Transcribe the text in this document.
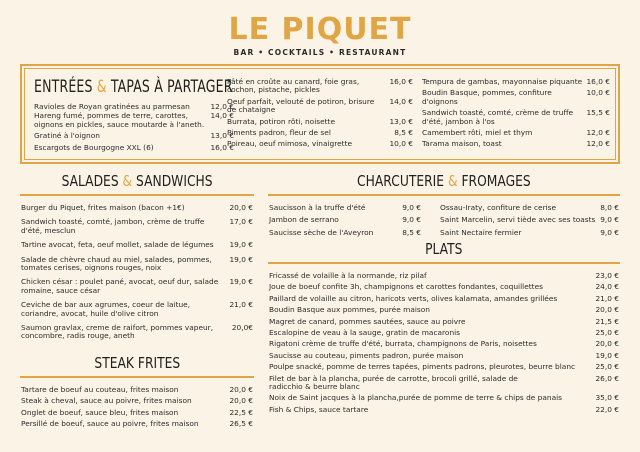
LE PIQUET
BAR • COCKTAILS • RESTAURANT
ENTRÉES & TAPAS À PARTAGER
Ravioles de Royan gratinées au parmesan	12,0 €
Hareng fumé, pommes de terre, carottes, oignons en pickles, sauce moutarde à l'aneth.
14,0 €
Gratiné à l'oignon	13,0 €
Escargots de Bourgogne XXL (6)	16,0 €
Pâté en croûte au canard, foie gras, cochon, pistache, pickles
16,0 €
Oeuf parfait, velouté de potiron, brisure de chataigne
14,0 €
Burrata, potiron rôti, noisette	13,0 €
Piments padron, fleur de sel	8,5 €
Poireau, oeuf mimosa, vinaigrette	10,0 €
Tempura de gambas, mayonnaise piquante 16,0 €
Boudin Basque, pommes, confiture d'oignons
10,0 €
Sandwich toasté, comté, crème de truffe d'été, jambon à l'os
15,5 €
Camembert rôti, miel et thym	12,0 €
Tarama maison, toast	12,0 €
SALADES & SANDWICHS
Burger du Piquet, frites maison (bacon +1€)	20,0 €
Sandwich toasté, comté, jambon, crème de truffe d'été, mesclun
17,0 €
Tartine avocat, feta, oeuf mollet, salade de légumes	19,0 €
Salade de chèvre chaud au miel, salades, pommes, tomates cerises, oignons rouges, noix
19,0 €
Chicken césar : poulet pané, avocat, oeuf dur, salade romaine, sauce césar
19,0 €
Ceviche de bar aux agrumes, coeur de laitue, coriandre, avocat, huile d'olive citron
21,0 €
Saumon gravlax, creme de raifort, pommes vapeur, concombre, radis rouge, aneth
20,0€
STEAK FRITES
Tartare de boeuf au couteau, frites maison	20,0 €
Steak à cheval, sauce au poivre, frites maison	20,0 €
Onglet de boeuf, sauce bleu, frites maison	22,5 €
Persillé de boeuf, sauce au poivre, frites maison	26,5 €
CHARCUTERIE & FROMAGES
Saucisson à la truffe d'été	9,0 €
Jambon de serrano	9,0 €
Saucisse sèche de l'Aveyron	8,5 €
Ossau-Iraty, confiture de cerise	8,0 €
Saint Marcelin, servi tiède avec ses toasts 9,0 €
Saint Nectaire fermier	9,0 €
PLATS
Fricassé de volaille à la normande, riz pilaf	23,0 €
Joue de boeuf confite 3h, champignons et carottes fondantes, coquillettes	24,0 €
Paillard de volaille au citron, haricots verts, olives kalamata, amandes grillées	21,0 €
Boudin Basque aux pommes, purée maison	20,0 €
Magret de canard, pommes sautées, sauce au poivre	21,5 €
Escalopine de veau à la sauge, gratin de macaronis	25,0 €
Rigatoni crème de truffe d'été, burrata, champignons de Paris, noisettes	20,0 €
Saucisse au couteau, piments padron, purée maison	19,0 €
Poulpe snacké, pomme de terres tapées, piments padrons, pleurotes, beurre blanc	25,0 €
Filet de bar à la plancha, purée de carrotte, brocoli grillé, salade de radicchio & beurre blanc
26,0 €
Noix de Saint jacques à la plancha,purée de pomme de terre & chips de panais	35,0 €
Fish & Chips, sauce tartare	22,0 €
